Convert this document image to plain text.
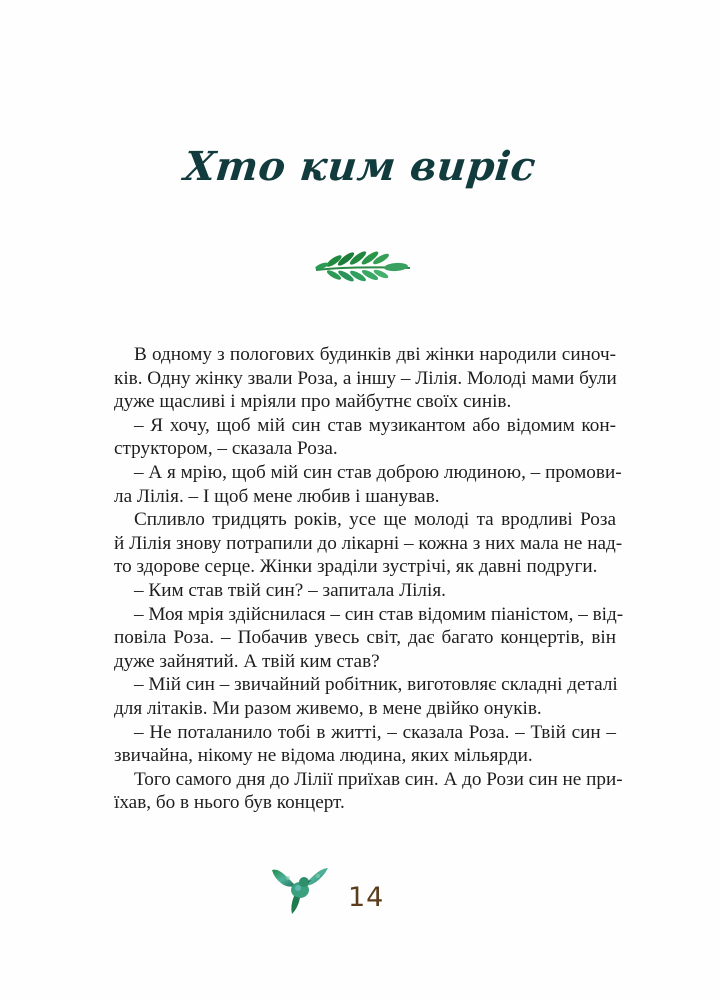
Хто ким виріс
В одному з пологових будинків дві жінки народили синоч-
ків. Одну жінку звали Роза, а іншу – Лілія. Молоді мами були
дуже щасливі і мріяли про майбутнє своїх синів.
– Я хочу, щоб мій син став музикантом або відомим кон-
структором, – сказала Роза.
– А я мрію, щоб мій син став доброю людиною, – промови-
ла Лілія. – І щоб мене любив і шанував.
Спливло тридцять років, усе ще молоді та вродливі Роза
й Лілія знову потрапили до лікарні – кожна з них мала не над-
то здорове серце. Жінки зраділи зустрічі, як давні подруги.
– Ким став твій син? – запитала Лілія.
– Моя мрія здійснилася – син став відомим піаністом, – від-
повіла Роза. – Побачив увесь світ, дає багато концертів, він
дуже зайнятий. А твій ким став?
– Мій син – звичайний робітник, виготовляє складні деталі
для літаків. Ми разом живемо, в мене двійко онуків.
– Не поталанило тобі в житті, – сказала Роза. – Твій син –
звичайна, нікому не відома людина, яких мільярди.
Того самого дня до Лілії приїхав син. А до Рози син не при-
їхав, бо в нього був концерт.
14
